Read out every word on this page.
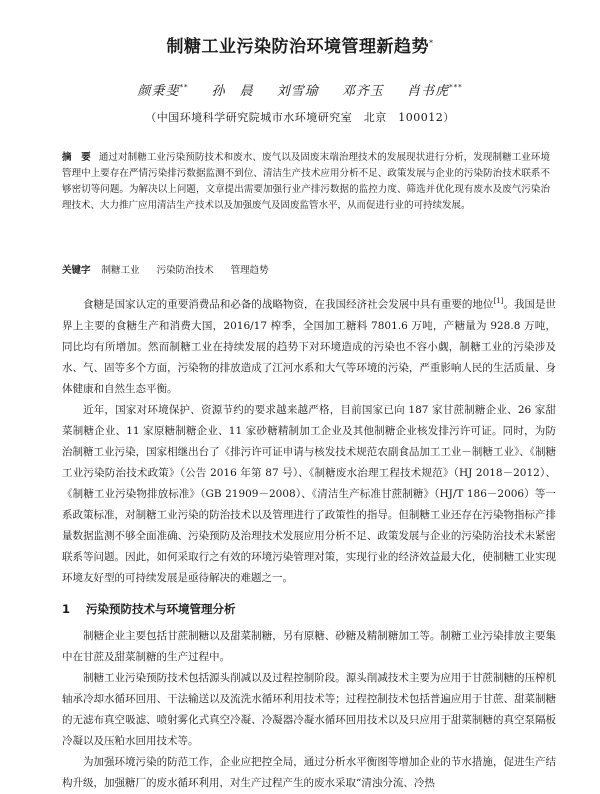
制糖工业污染防治环境管理新趋势*
颜秉斐** 孙　晨 刘雪瑜 邓齐玉 肖书虎***
（中国环境科学研究院城市水环境研究室　北京　100012）
摘　要 通过对制糖工业污染预防技术和废水、废气以及固废末端治理技术的发展现状进行分析，发现制糖工业环境管理中上要存在严情污染排污数据监测不到位、清洁生产技术应用分析不足、政策发展与企业的污染防治技术联系不够密切等问题。为解决以上问题，文章提出需要加强行业产排污数据的监控力度、筛选并优化现有废水及废气污染治理技术、大力推广应用清洁生产技术以及加强废气及固废监管水平，从而促进行业的可持续发展。
关键字 制糖工业 污染防治技术 管理趋势

食糖是国家认定的重要消费品和必备的战略物资，在我国经济社会发展中具有重要的地位[1]。我国是世界上主要的食糖生产和消费大国，2016/17 榨季，全国加工糖料 7801.6 万吨，产糖量为 928.8 万吨，同比均有所增加。然而制糖工业在持续发展的趋势下对环境造成的污染也不容小觑，制糖工业的污染涉及水、气、固等多个方面，污染物的排放造成了江河水系和大气等环境的污染，严重影响人民的生活质量、身体健康和自然生态平衡。

近年，国家对环境保护、资源节约的要求越来越严格，目前国家已向 187 家甘蔗制糖企业、26 家甜菜制糖企业、11 家原糖制糖企业、11 家砂糖精制加工企业及其他制糖企业核发排污许可证。同时，为防治制糖工业污染，国家相继出台了《排污许可证申请与核发技术规范农副食品加工工业－制糖工业》、《制糖工业污染防治技术政策》（公告 2016 年第 87 号）、《制糖废水治理工程技术规范》（HJ 2018－2012）、《制糖工业污染物排放标准》（GB 21909－2008）、《清洁生产标准甘蔗制糖》（HJ/T 186－2006）等一系政策标准，对制糖工业污染的防治技术以及管理进行了政策性的指导。但制糖工业还存在污染物指标产排量数据监测不够全面准确、污染预防及治理技术发展应用分析不足、政策发展与企业的污染防治技术未紧密联系等问题。因此，如何采取行之有效的环境污染管理对策，实现行业的经济效益最大化，使制糖工业实现环境友好型的可持续发展是亟待解决的难题之一。

1 污染预防技术与环境管理分析

制糖企业主要包括甘蔗制糖以及甜菜制糖，另有原糖、砂糖及精制糖加工等。制糖工业污染排放主要集中在甘蔗及甜菜制糖的生产过程中。

制糖工业污染预防技术包括源头削减以及过程控制阶段。源头削减技术主要为应用于甘蔗制糖的压榨机轴承冷却水循环回用、干法输送以及流洗水循环利用技术等；过程控制技术包括普遍应用于甘蔗、甜菜制糖的无滤布真空吸滤、喷射雾化式真空冷凝、冷凝器冷凝水循环回用技术以及只应用于甜菜制糖的真空泵隔板冷凝以及压粕水回用技术等。

为加强环境污染的防范工作，企业应把控全局，通过分析水平衡图等增加企业的节水措施，促进生产结构升级，加强糖厂的废水循环利用，对生产过程产生的废水采取“清浊分流、冷热
